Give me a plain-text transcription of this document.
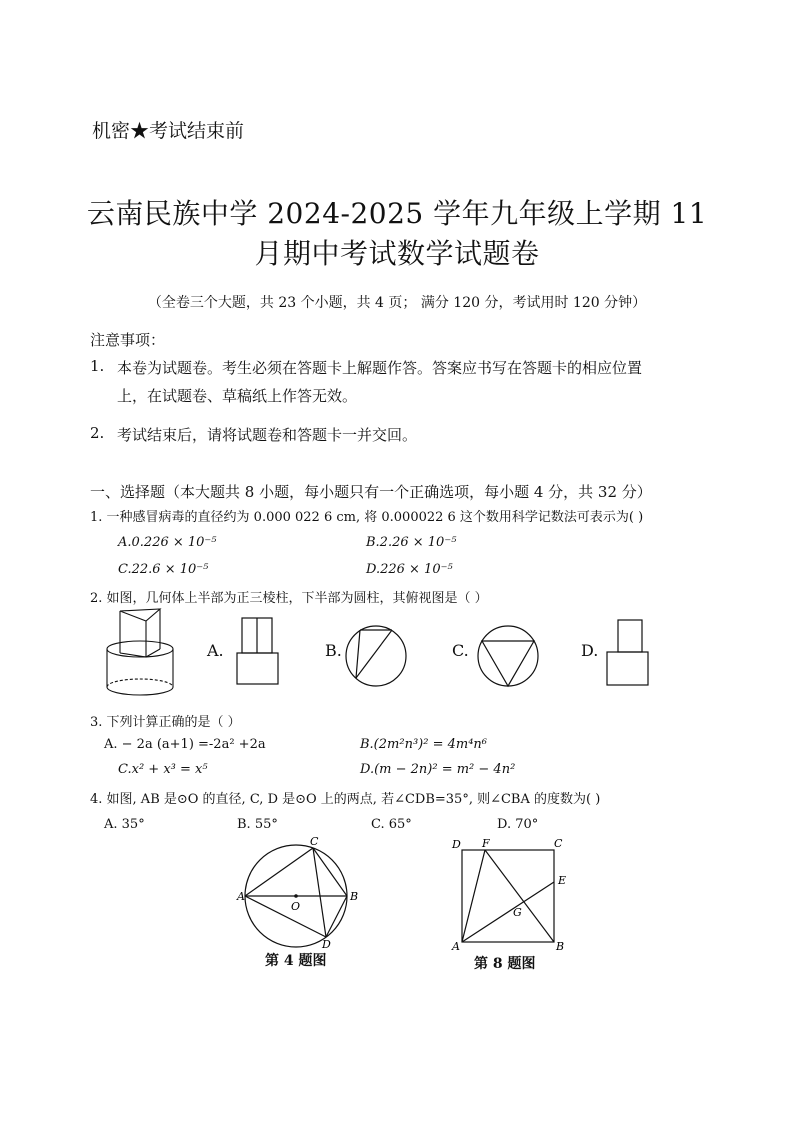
机密★考试结束前
云南民族中学 2024-2025 学年九年级上学期 11
月期中考试数学试题卷
（全卷三个大题，共 23 个小题，共 4 页； 满分 120 分，考试用时 120 分钟）
注意事项：
1. 本卷为试题卷。考生必须在答题卡上解题作答。答案应书写在答题卡的相应位置
上，在试题卷、草稿纸上作答无效。
2. 考试结束后，请将试题卷和答题卡一并交回。
一、选择题（本大题共 8 小题，每小题只有一个正确选项，每小题 4 分，共 32 分）
1. 一种感冒病毒的直径约为 0.000 022 6 cm, 将 0.000022 6 这个数用科学记数法可表示为( )
A.0.226 × 10⁻⁵	B.2.26 × 10⁻⁵
C.22.6 × 10⁻⁵	D.226 × 10⁻⁵
2. 如图，几何体上半部为正三棱柱，下半部为圆柱，其俯视图是（ ）
A.	B.	C.	D.
3. 下列计算正确的是（ ）
A. − 2a (a+1) =-2a² +2a	B.(2m²n³)² = 4m⁴n⁶
C.x² + x³ = x⁵	D.(m − 2n)² = m² − 4n²
4. 如图, AB 是⊙O 的直径, C, D 是⊙O 上的两点, 若∠CDB=35°, 则∠CBA 的度数为( )
A. 35°	B. 55°	C. 65°	D. 70°
A	B
C
D
O
第 4 题图
A	B
C
D
E
F
G
第 8 题图
